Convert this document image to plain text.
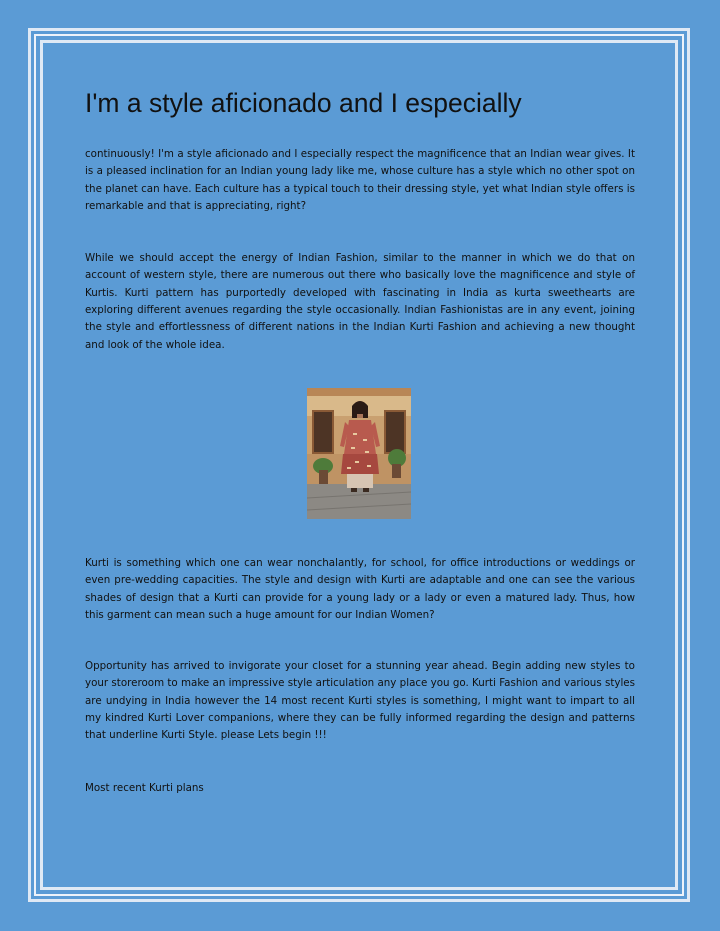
I'm a style aficionado and I especially

continuously! I'm a style aficionado and I especially respect the magnificence that an Indian wear gives. It is a pleased inclination for an Indian young lady like me, whose culture has a style which no other spot on the planet can have. Each culture has a typical touch to their dressing style, yet what Indian style offers is remarkable and that is appreciating, right?

While we should accept the energy of Indian Fashion, similar to the manner in which we do that on account of western style, there are numerous out there who basically love the magnificence and style of Kurtis. Kurti pattern has purportedly developed with fascinating in India as kurta sweethearts are exploring different avenues regarding the style occasionally. Indian Fashionistas are in any event, joining the style and effortlessness of different nations in the Indian Kurti Fashion and achieving a new thought and look of the whole idea.

Kurti is something which one can wear nonchalantly, for school, for office introductions or weddings or even pre-wedding capacities. The style and design with Kurti are adaptable and one can see the various shades of design that a Kurti can provide for a young lady or a lady or even a matured lady. Thus, how this garment can mean such a huge amount for our Indian Women?

Opportunity has arrived to invigorate your closet for a stunning year ahead. Begin adding new styles to your storeroom to make an impressive style articulation any place you go. Kurti Fashion and various styles are undying in India however the 14 most recent Kurti styles is something, I might want to impart to all my kindred Kurti Lover companions, where they can be fully informed regarding the design and patterns that underline Kurti Style. please Lets begin !!!

Most recent Kurti plans
